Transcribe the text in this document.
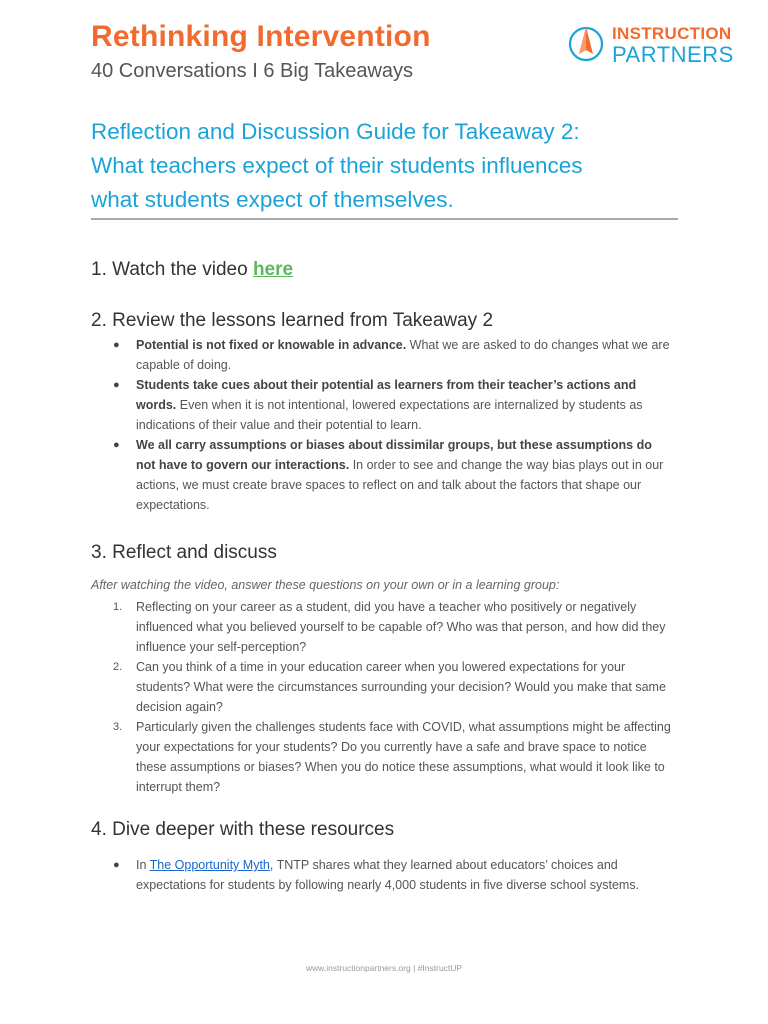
Rethinking Intervention
40 Conversations I 6 Big Takeaways
INSTRUCTION
PARTNERS
Reflection and Discussion Guide for Takeaway 2:
What teachers expect of their students influences
what students expect of themselves.
1. Watch the video here
2. Review the lessons learned from Takeaway 2
● Potential is not fixed or knowable in advance. What we are asked to do changes what we are capable of doing.
● Students take cues about their potential as learners from their teacher’s actions and words. Even when it is not intentional, lowered expectations are internalized by students as indications of their value and their potential to learn.
● We all carry assumptions or biases about dissimilar groups, but these assumptions do not have to govern our interactions. In order to see and change the way bias plays out in our actions, we must create brave spaces to reflect on and talk about the factors that shape our expectations.
3. Reflect and discuss
After watching the video, answer these questions on your own or in a learning group:
1. Reflecting on your career as a student, did you have a teacher who positively or negatively influenced what you believed yourself to be capable of? Who was that person, and how did they influence your self-perception?
2. Can you think of a time in your education career when you lowered expectations for your students? What were the circumstances surrounding your decision? Would you make that same decision again?
3. Particularly given the challenges students face with COVID, what assumptions might be affecting your expectations for your students? Do you currently have a safe and brave space to notice these assumptions or biases? When you do notice these assumptions, what would it look like to interrupt them?
4. Dive deeper with these resources
● In The Opportunity Myth, TNTP shares what they learned about educators’ choices and expectations for students by following nearly 4,000 students in five diverse school systems.
www.instructionpartners.org | #InstructUP
